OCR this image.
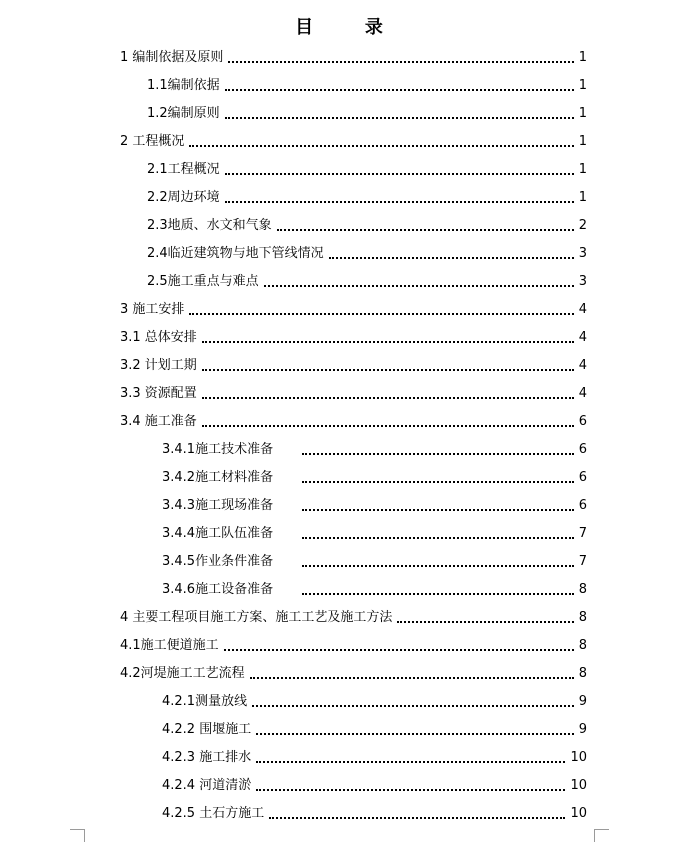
目       录
1 编制依据及原则	1
1.1编制依据	1
1.2编制原则	1
2 工程概况	1
2.1工程概况	1
2.2周边环境	1
2.3地质、水文和气象	2
2.4临近建筑物与地下管线情况	3
2.5施工重点与难点	3
3 施工安排	4
3.1 总体安排	4
3.2 计划工期	4
3.3 资源配置	4
3.4 施工准备	6
3.4.1施工技术准备	6
3.4.2施工材料准备	6
3.4.3施工现场准备	6
3.4.4施工队伍准备	7
3.4.5作业条件准备	7
3.4.6施工设备准备	8
4 主要工程项目施工方案、施工工艺及施工方法	8
4.1施工便道施工	8
4.2河堤施工工艺流程	8
4.2.1测量放线	9
4.2.2 围堰施工	9
4.2.3 施工排水	10
4.2.4 河道清淤	10
4.2.5 土石方施工	10
